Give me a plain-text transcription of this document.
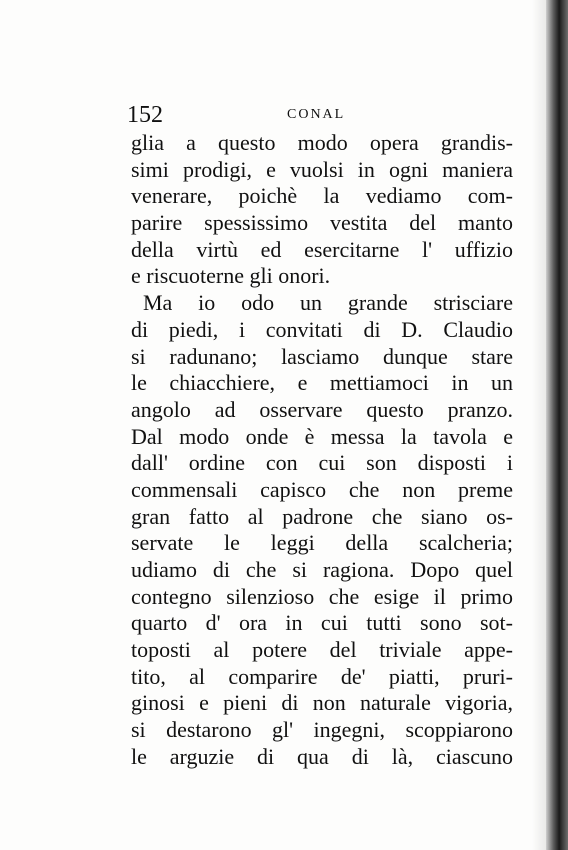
152	CONAL
glia a questo modo opera grandis-
simi prodigi, e vuolsi in ogni maniera
venerare, poichè la vediamo com-
parire spessissimo vestita del manto
della virtù ed esercitarne l' uffizio
e riscuoterne gli onori.
Ma io odo un grande strisciare
di piedi, i convitati di D. Claudio
si radunano; lasciamo dunque stare
le chiacchiere, e mettiamoci in un
angolo ad osservare questo pranzo.
Dal modo onde è messa la tavola e
dall' ordine con cui son disposti i
commensali capisco che non preme
gran fatto al padrone che siano os-
servate le leggi della scalcheria;
udiamo di che si ragiona. Dopo quel
contegno silenzioso che esige il primo
quarto d' ora in cui tutti sono sot-
toposti al potere del triviale appe-
tito, al comparire de' piatti, pruri-
ginosi e pieni di non naturale vigoria,
si destarono gl' ingegni, scoppiarono
le arguzie di qua di là, ciascuno
